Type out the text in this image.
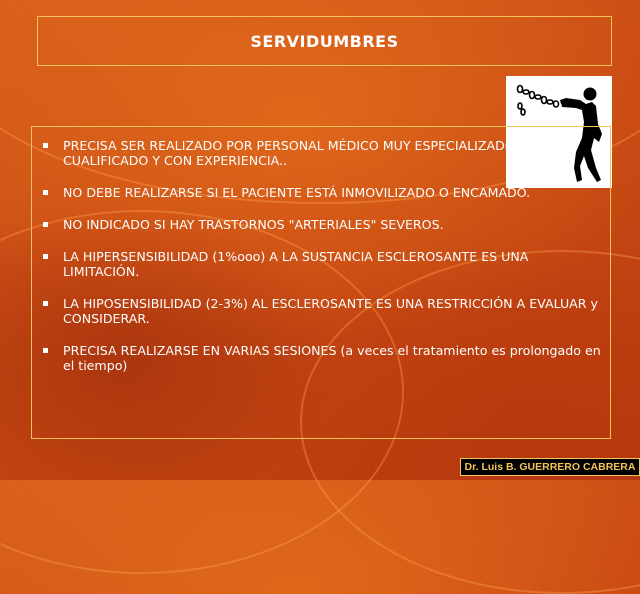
SERVIDUMBRES
PRECISA SER REALIZADO POR PERSONAL MÉDICO MUY ESPECIALIZADO, CUALIFICADO Y CON EXPERIENCIA..
NO DEBE REALIZARSE SI EL PACIENTE ESTÁ INMOVILIZADO O ENCAMADO.
NO INDICADO SI HAY TRASTORNOS "ARTERIALES" SEVEROS.
LA HIPERSENSIBILIDAD (1%ooo) A LA SUSTANCIA ESCLEROSANTE ES UNA LIMITACIÓN.
LA HIPOSENSIBILIDAD (2-3%) AL ESCLEROSANTE ES UNA RESTRICCIÓN A EVALUAR y CONSIDERAR.
PRECISA REALIZARSE EN VARIAS SESIONES (a veces el tratamiento es prolongado en el tiempo)
Dr. Luis B. GUERRERO CABRERA
